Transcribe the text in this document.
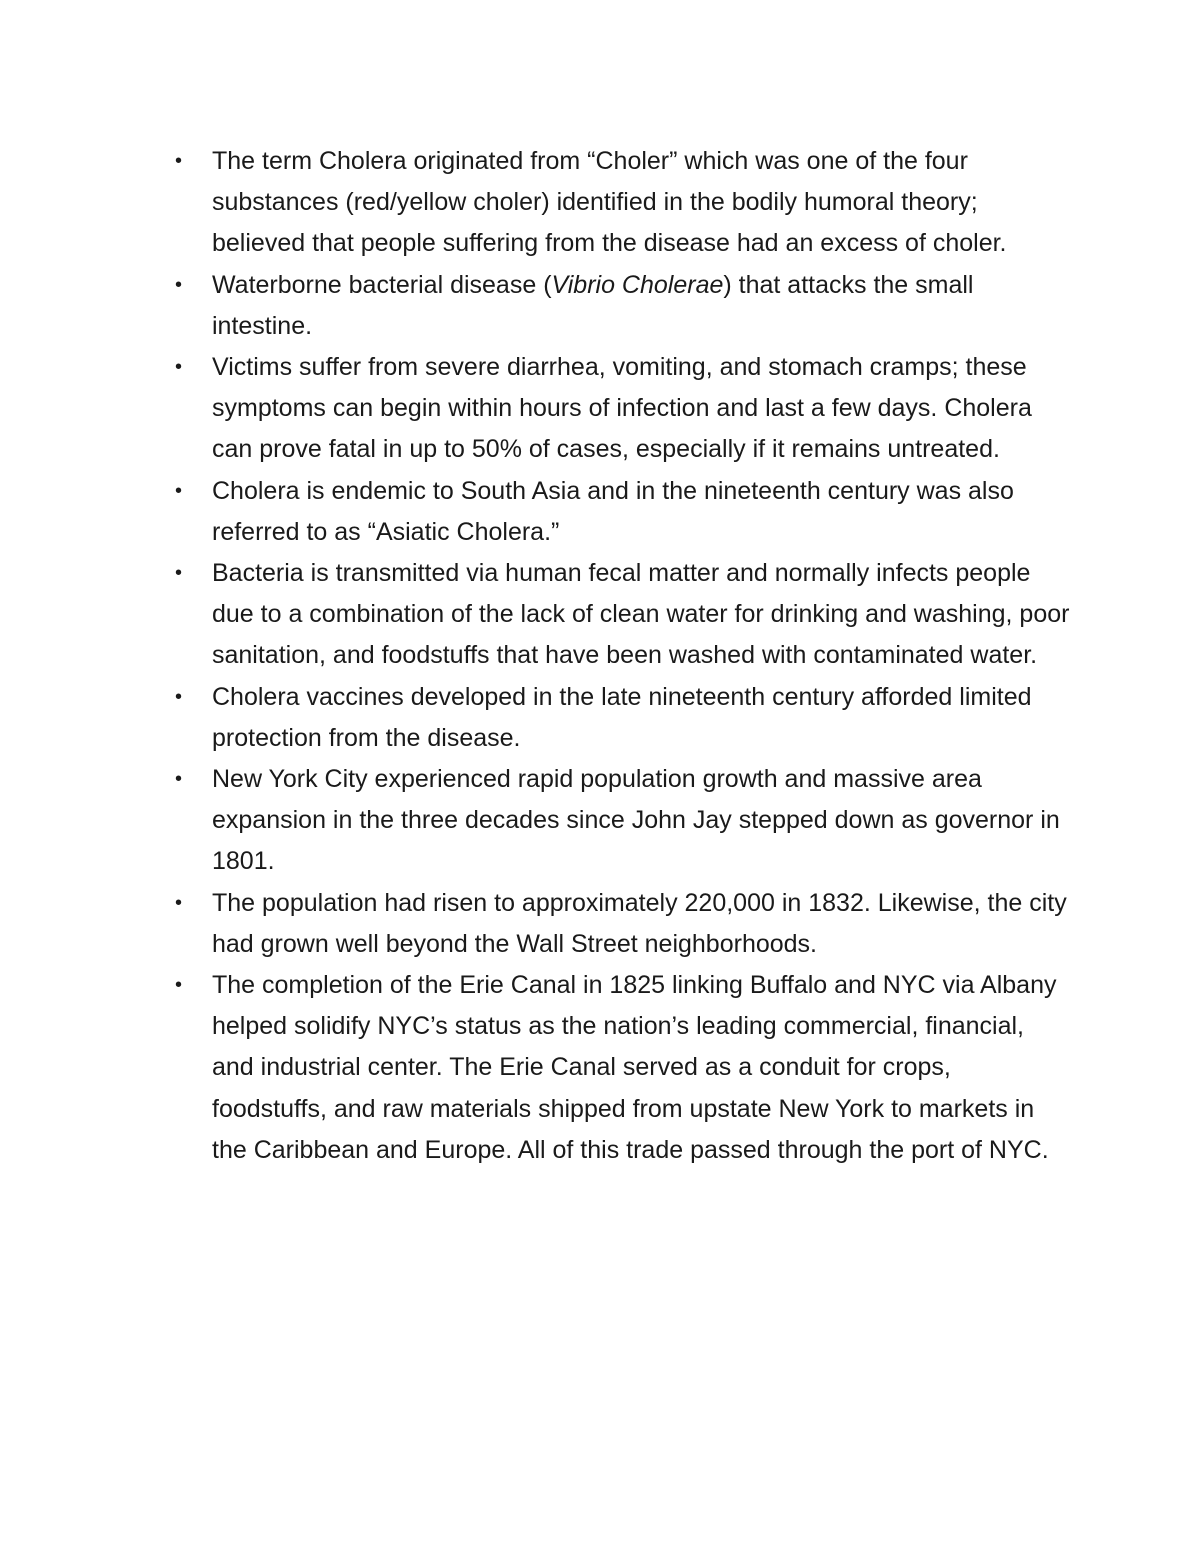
• The term Cholera originated from “Choler” which was one of the four substances (red/yellow choler) identified in the bodily humoral theory; believed that people suffering from the disease had an excess of choler.
• Waterborne bacterial disease (Vibrio Cholerae) that attacks the small intestine.
• Victims suffer from severe diarrhea, vomiting, and stomach cramps; these symptoms can begin within hours of infection and last a few days. Cholera can prove fatal in up to 50% of cases, especially if it remains untreated.
• Cholera is endemic to South Asia and in the nineteenth century was also referred to as “Asiatic Cholera.”
• Bacteria is transmitted via human fecal matter and normally infects people due to a combination of the lack of clean water for drinking and washing, poor sanitation, and foodstuffs that have been washed with contaminated water.
• Cholera vaccines developed in the late nineteenth century afforded limited protection from the disease.
• New York City experienced rapid population growth and massive area expansion in the three decades since John Jay stepped down as governor in 1801.
• The population had risen to approximately 220,000 in 1832. Likewise, the city had grown well beyond the Wall Street neighborhoods.
• The completion of the Erie Canal in 1825 linking Buffalo and NYC via Albany helped solidify NYC’s status as the nation’s leading commercial, financial, and industrial center. The Erie Canal served as a conduit for crops, foodstuffs, and raw materials shipped from upstate New York to markets in the Caribbean and Europe. All of this trade passed through the port of NYC.
